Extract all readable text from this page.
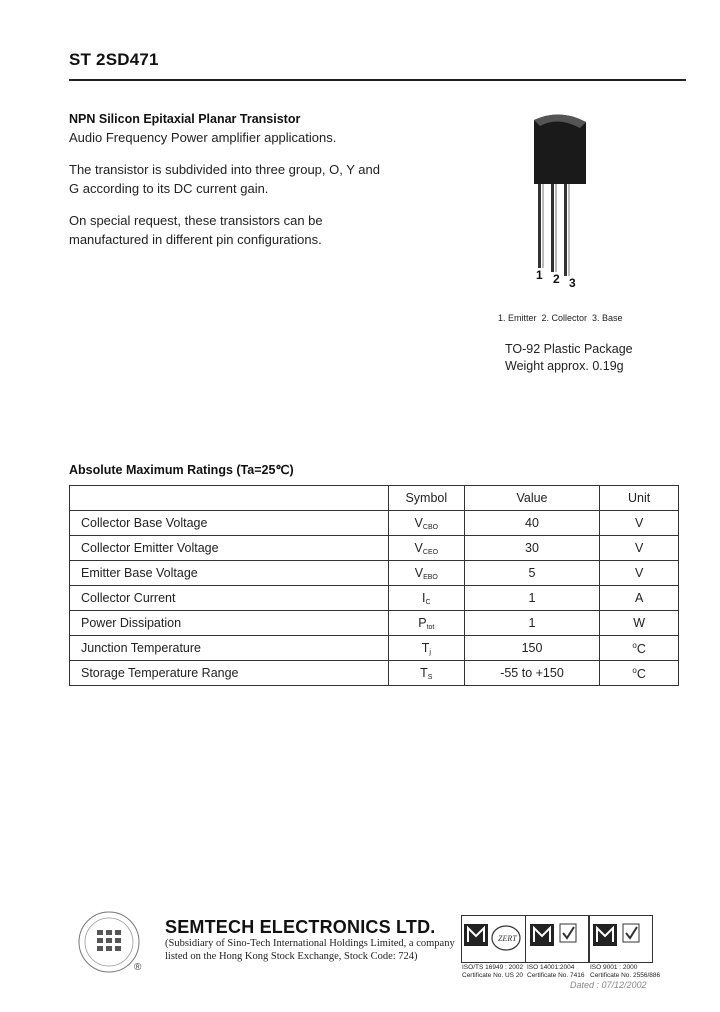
ST 2SD471
NPN Silicon Epitaxial Planar Transistor
Audio Frequency Power amplifier applications.
The transistor is subdivided into three group, O, Y and
G according to its DC current gain.
On special request, these transistors can be
manufactured in different pin configurations.
1 2 3
1. Emitter  2. Collector  3. Base
TO-92 Plastic Package
Weight approx. 0.19g
Absolute Maximum Ratings (Ta=25℃)
	Symbol	Value	Unit
Collector Base Voltage	VCBO	40	V
Collector Emitter Voltage	VCEO	30	V
Emitter Base Voltage	VEBO	5	V
Collector Current	IC	1	A
Power Dissipation	Ptot	1	W
Junction Temperature	Tj	150	$^o$C
Storage Temperature Range	TS	-55 to +150	$^o$C
®
SEMTECH ELECTRONICS LTD.
(Subsidiary of Sino-Tech International Holdings Limited, a company
listed on the Hong Kong Stock Exchange, Stock Code: 724)
ZERT
ISO/TS 16949 : 2002 ISO 14001:2004 ISO 9001 : 2000
Certificate No. US 20 Certificate No. 7416 Certificate No. 2556/886
Dated : 07/12/2002
